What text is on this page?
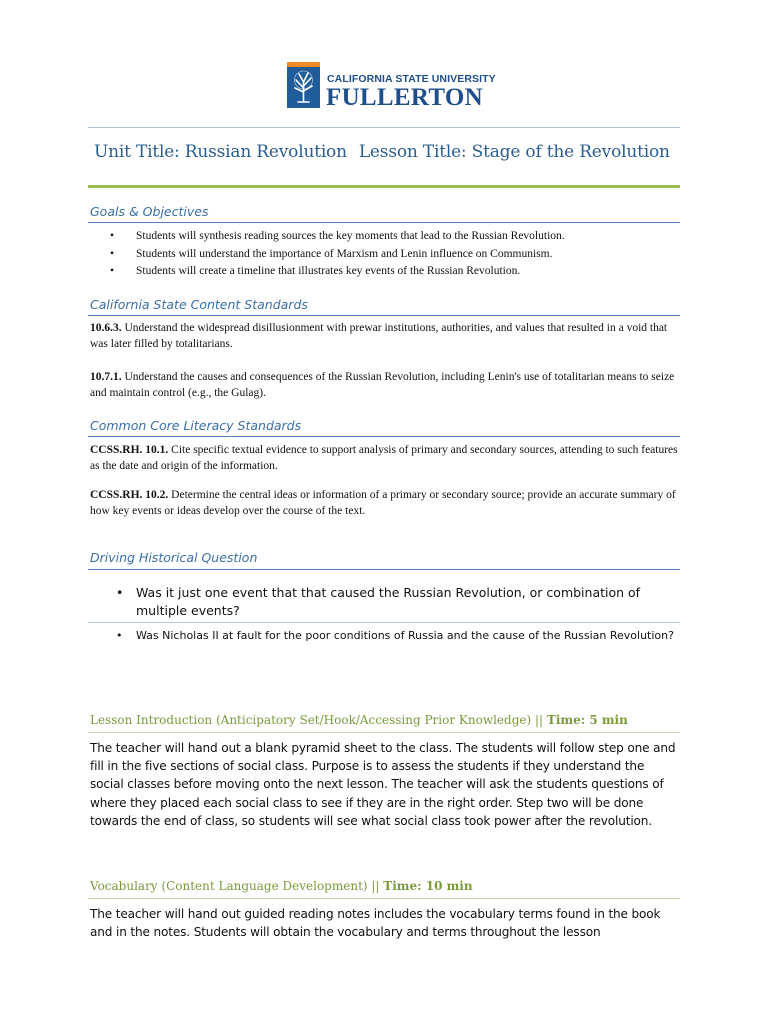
CALIFORNIA STATE UNIVERSITY
FULLERTON
Unit Title: Russian Revolution Lesson Title: Stage of the Revolution
Goals & Objectives
• Students will synthesis reading sources the key moments that lead to the Russian Revolution.
• Students will understand the importance of Marxism and Lenin influence on Communism.
• Students will create a timeline that illustrates key events of the Russian Revolution.
California State Content Standards
10.6.3. Understand the widespread disillusionment with prewar institutions, authorities, and values that resulted in a void that was later filled by totalitarians.
10.7.1. Understand the causes and consequences of the Russian Revolution, including Lenin's use of totalitarian means to seize and maintain control (e.g., the Gulag).
Common Core Literacy Standards
CCSS.RH. 10.1. Cite specific textual evidence to support analysis of primary and secondary sources, attending to such features as the date and origin of the information.
CCSS.RH. 10.2. Determine the central ideas or information of a primary or secondary source; provide an accurate summary of how key events or ideas develop over the course of the text.
Driving Historical Question
• Was it just one event that that caused the Russian Revolution, or combination of multiple events?
• Was Nicholas II at fault for the poor conditions of Russia and the cause of the Russian Revolution?
Lesson Introduction (Anticipatory Set/Hook/Accessing Prior Knowledge) || Time: 5 min
The teacher will hand out a blank pyramid sheet to the class. The students will follow step one and fill in the five sections of social class. Purpose is to assess the students if they understand the social classes before moving onto the next lesson. The teacher will ask the students questions of where they placed each social class to see if they are in the right order. Step two will be done towards the end of class, so students will see what social class took power after the revolution.
Vocabulary (Content Language Development) || Time: 10 min
The teacher will hand out guided reading notes includes the vocabulary terms found in the book and in the notes. Students will obtain the vocabulary and terms throughout the lesson
